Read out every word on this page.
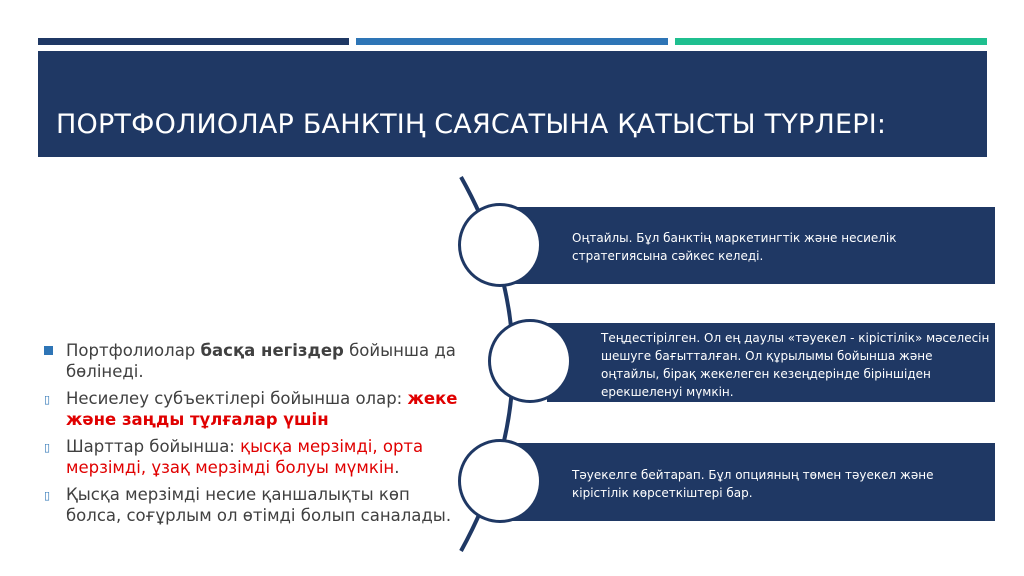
ПОРТФОЛИОЛАР БАНКТІҢ САЯСАТЫНА ҚАТЫСТЫ ТҮРЛЕРІ:
Оңтайлы. Бұл банктің маркетингтік және несиелік стратегиясына сәйкес келеді.
Теңдестірілген. Ол ең даулы «тәуекел - кірістілік» мәселесін шешуге бағытталған. Ол құрылымы бойынша және оңтайлы, бірақ жекелеген кезеңдерінде біріншіден ерекшеленуі мүмкін.
Тәуекелге бейтарап. Бұл опцияның төмен тәуекел және кірістілік көрсеткіштері бар.
Портфолиолар басқа негіздер бойынша да бөлінеді.
▯ Несиелеу субъектілері бойынша олар: жеке және заңды тұлғалар үшін
▯ Шарттар бойынша: қысқа мерзімді, орта мерзімді, ұзақ мерзімді болуы мүмкін.
▯ Қысқа мерзімді несие қаншалықты көп болса, соғұрлым ол өтімді болып саналады.
